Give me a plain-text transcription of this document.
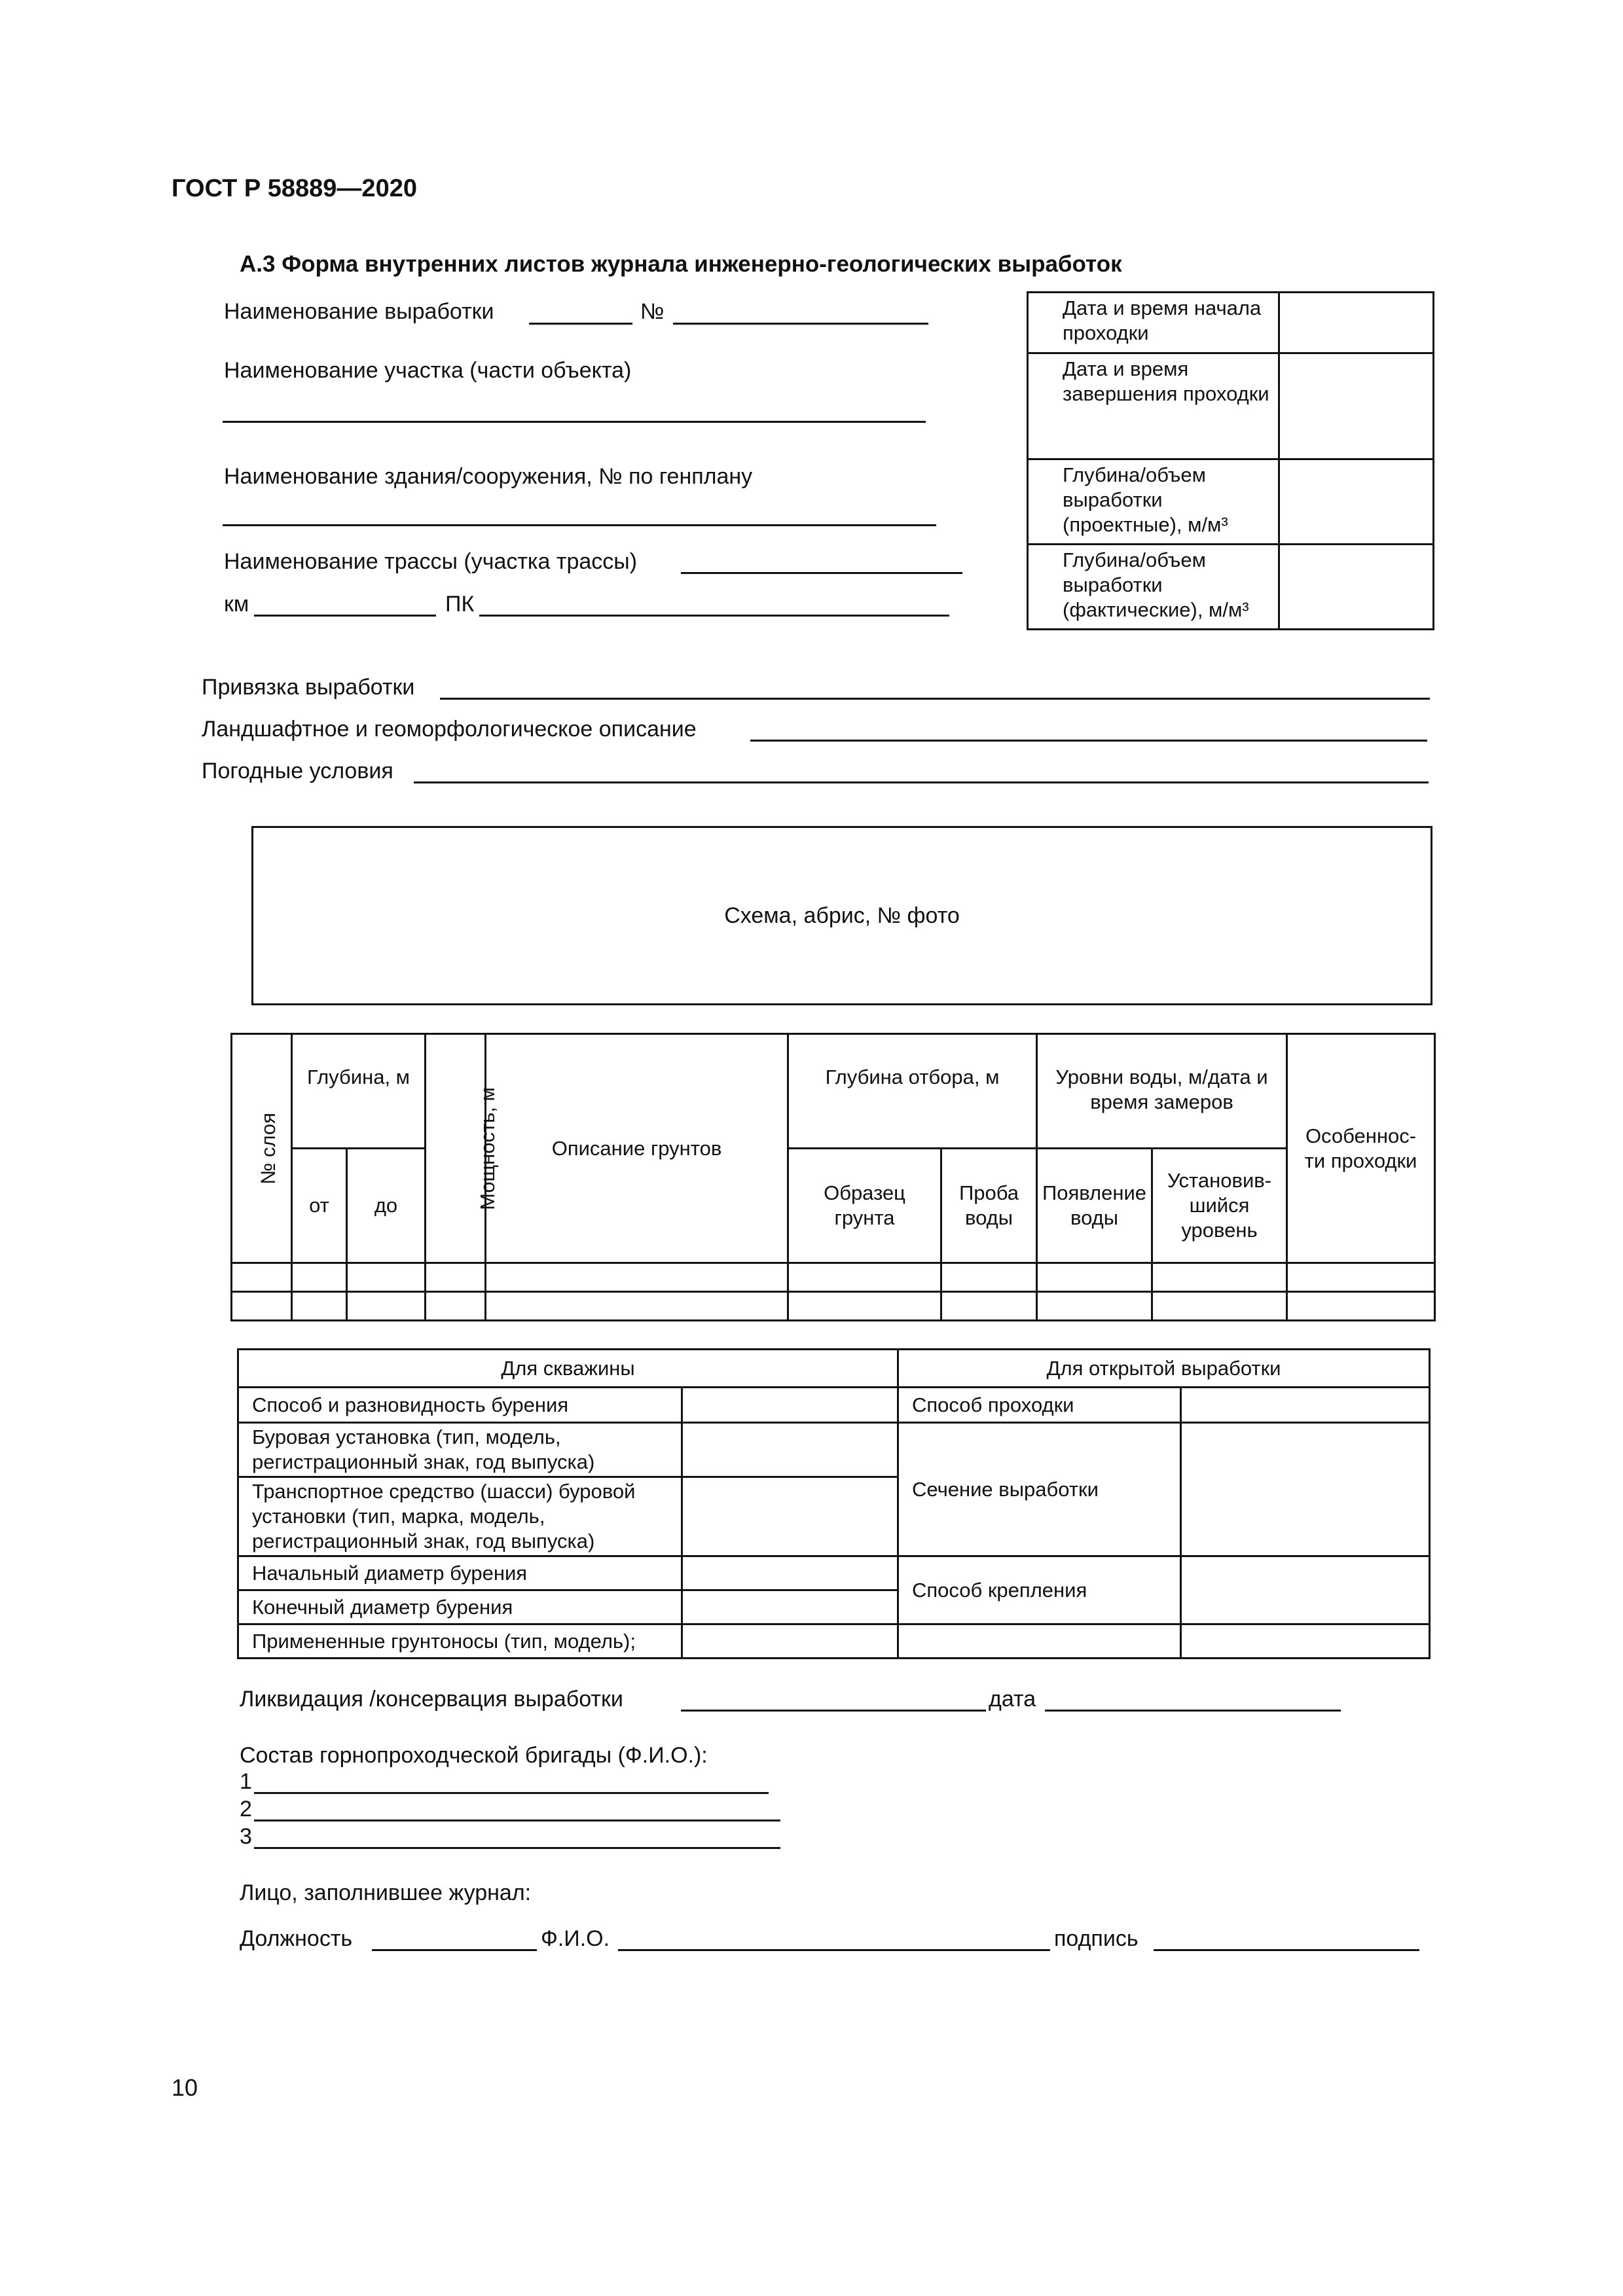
ГОСТ Р 58889—2020
А.3 Форма внутренних листов журнала инженерно-геологических выработок
Наименование выработки	№
Наименование участка (части объекта)
Наименование здания/сооружения, № по генплану
Наименование трассы (участка трассы)
км	ПК
Дата и время начала проходки	
Дата и время завершения проходки	
Глубина/объем выработки (проектные), м/м³	
Глубина/объем выработки (фактические), м/м³	
Привязка выработки
Ландшафтное и геоморфологическое описание
Погодные условия
Схема, абрис, № фото
№ слоя	Глубина, м		Мощность, м	Описание грунтов	Глубина отбора, м		Уровни воды, м/дата и время замеров		Особеннос-ти проходки
	от	до			Образец грунта	Проба воды	Появление воды	Установив-шийся уровень	

Для скважины		Для открытой выработки	
Способ и разновидность бурения		Способ проходки	
Буровая установка (тип, модель, регистрационный знак, год выпуска)		Сечение выработки	
Транспортное средство (шасси) буровой установки (тип, марка, модель, регистрационный знак, год выпуска)			
Начальный диаметр бурения		Способ крепления	
Конечный диаметр бурения			
Примененные грунтоносы (тип, модель);			
Ликвидация /консервация выработки	дата
Состав горнопроходческой бригады (Ф.И.О.):
1
2
3
Лицо, заполнившее журнал:
Должность	Ф.И.О.	подпись
10
